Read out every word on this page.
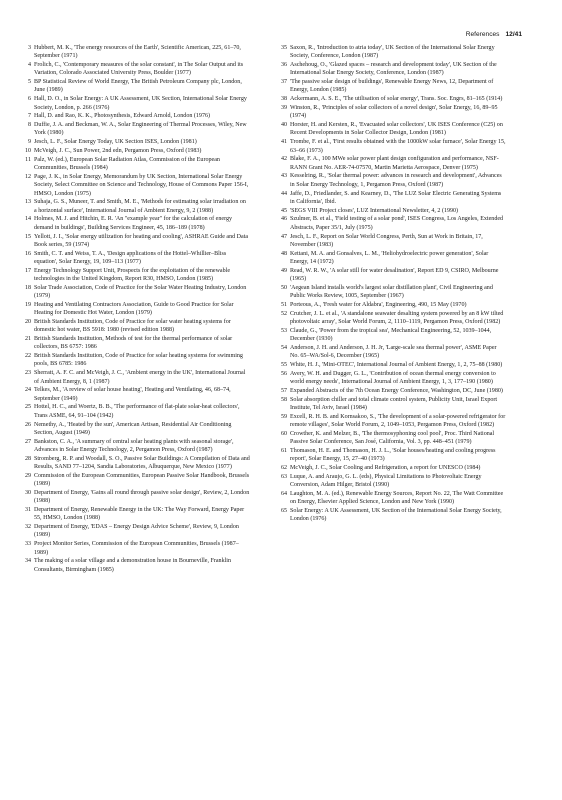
References 12/41
3 Hubbert, M. K., 'The energy resources of the Earth', Scientific American, 225, 61–70, September (1971)
4 Frolich, C., 'Contemporary measures of the solar constant', in The Solar Output and its Variation, Colorado Associated University Press, Boulder (1977)
5 BP Statistical Review of World Energy, The British Petroleum Company plc, London, June (1989)
6 Hall, D. O., in Solar Energy: A UK Assessment, UK Section, International Solar Energy Society, London, p. 266 (1976)
7 Hall, D. and Rao, K. K., Photosynthesis, Edward Arnold, London (1976)
8 Duffie, J. A. and Beckman, W. A., Solar Engineering of Thermal Processes, Wiley, New York (1980)
9 Jesch, L. F., Solar Energy Today, UK Section ISES, London (1981)
10 McVeigh, J. C., Sun Power, 2nd edn, Pergamon Press, Oxford (1983)
11 Palz, W. (ed.), European Solar Radiation Atlas, Commission of the European Communities, Brussels (1984)
12 Page, J. K., in Solar Energy, Memorandum by UK Section, International Solar Energy Society, Select Committee on Science and Technology, House of Commons Paper 156-I, HMSO, London (1975)
13 Suhaja, G. S., Muneer, T. and Smith, M. E., 'Methods for estimating solar irradiation on a horizontal surface', International Journal of Ambient Energy, 9, 2 (1988)
14 Holmes, M. J. and Hitchin, E. R. 'An "example year" for the calculation of energy demand in buildings', Building Services Engineer, 45, 186–189 (1978)
15 Yellott, J. I., 'Solar energy utilization for heating and cooling', ASHRAE Guide and Data Book series, 59 (1974)
16 Smith, C. T. and Weiss, T. A., 'Design applications of the Hottel–Whillier–Bliss equation', Solar Energy, 19, 109–113 (1977)
17 Energy Technology Support Unit, Prospects for the exploitation of the renewable technologies in the United Kingdom, Report R30, HMSO, London (1985)
18 Solar Trade Association, Code of Practice for the Solar Water Heating Industry, London (1979)
19 Heating and Ventilating Contractors Association, Guide to Good Practice for Solar Heating for Domestic Hot Water, London (1979)
20 British Standards Institution, Code of Practice for solar water heating systems for domestic hot water, BS 5918: 1980 (revised edition 1988)
21 British Standards Institution, Methods of test for the thermal performance of solar collectors, BS 6757: 1986
22 British Standards Institution, Code of Practice for solar heating systems for swimming pools, BS 6785: 1986
23 Sherratt, A. F. C. and McVeigh, J. C., 'Ambient energy in the UK', International Journal of Ambient Energy, 8, 1 (1987)
24 Telkes, M., 'A review of solar house heating', Heating and Ventilating, 46, 68–74, September (1949)
25 Hottel, H. C., and Woertz, B. B., 'The performance of flat-plate solar-heat collectors', Trans ASME, 64, 91–104 (1942)
26 Nemethy, A., 'Heated by the sun', American Artisan, Residential Air Conditioning Section, August (1949)
27 Bankston, C. A., 'A summary of central solar heating plants with seasonal storage', Advances in Solar Energy Technology, 2, Pergamon Press, Oxford (1987)
28 Stromberg, R. P. and Woodall, S. O., Passive Solar Buildings: A Compilation of Data and Results, SAND 77–1204, Sandia Laboratories, Albuquerque, New Mexico (1977)
29 Commission of the European Communities, European Passive Solar Handbook, Brussels (1989)
30 Department of Energy, 'Gains all round through passive solar design', Review, 2, London (1988)
31 Department of Energy, Renewable Energy in the UK: The Way Forward, Energy Paper 55, HMSO, London (1988)
32 Department of Energy, 'EDAS – Energy Design Advice Scheme', Review, 9, London (1989)
33 Project Monitor Series, Commission of the European Communities, Brussels (1987–1989)
34 The making of a solar village and a demonstration house in Bourneville, Franklin Consultants, Birmingham (1985)
35 Saxon, R., 'Introduction to atria today', UK Section of the International Solar Energy Society, Conference, London (1987)
36 Aschehoug, O., 'Glazed spaces – research and development today', UK Section of the International Solar Energy Society, Conference, London (1987)
37 'The passive solar design of buildings', Renewable Energy News, 12, Department of Energy, London (1985)
38 Ackermann, A. S. E., 'The utilisation of solar energy', Trans. Soc. Engrs, 81–165 (1914)
39 Winston, R., 'Principles of solar collectors of a novel design', Solar Energy, 16, 89–95 (1974)
40 Horster, H. and Kersten, R., 'Evacuated solar collectors', UK ISES Conference (C25) on Recent Developments in Solar Collector Design, London (1981)
41 Trombe, F. et al., 'First results obtained with the 1000kW solar furnace', Solar Energy 15, 63–66 (1973)
42 Blake, F. A., 100 MWe solar power plant design configuration and performance, NSF-RANN Grant No. AER-74-07570, Martin Marietta Aerospace, Denver (1975)
43 Kesselring, R., 'Solar thermal power: advances in research and development', Advances in Solar Energy Technology, 1, Pergamon Press, Oxford (1987)
44 Jaffe, D., Friedlander, S. and Kearney, D., 'The LUZ Solar Electric Generating Systems in California', Ibid.
45 'SEGS VIII Project closes', LUZ International Newsletter, 4, 2 (1990)
46 Szulmer, B. et al., 'Field testing of a solar pond', ISES Congress, Los Angeles, Extended Abstracts, Paper 35/1, July (1975)
47 Jesch, L. F., Report on Solar World Congress, Perth, Sun at Work in Britain, 17, November (1983)
48 Kettani, M. A. and Gonsalves, L. M., 'Heliohydroelectric power generation', Solar Energy, 14 (1972)
49 Read, W. R. W., 'A solar still for water desalination', Report ED 9, CSIRO, Melbourne (1965)
50 'Aegean Island installs world's largest solar distillation plant', Civil Engineering and Public Works Review, 1005, September (1967)
51 Porteous, A., 'Fresh water for Aldabra', Engineering, 490, 15 May (1970)
52 Crutcher, J. L. et al., 'A standalone seawater desalting system powered by an 8 kW tilted photovoltaic array', Solar World Forum, 2, 1110–1119, Pergamon Press, Oxford (1982)
53 Claude, G., 'Power from the tropical sea', Mechanical Engineering, 52, 1039–1044, December (1930)
54 Anderson, J. H. and Anderson, J. H. Jr, 'Large-scale sea thermal power', ASME Paper No. 65–WA/Sol-6, December (1965)
55 White, H. J., 'Mini-OTEC', International Journal of Ambient Energy, 1, 2, 75–88 (1980)
56 Avery, W. H. and Dugger, G. L., 'Contribution of ocean thermal energy conversion to world energy needs', International Journal of Ambient Energy, 1, 3, 177–190 (1980)
57 Expanded Abstracts of the 7th Ocean Energy Conference, Washington, DC, June (1980)
58 Solar absorption chiller and total climate control system, Publicity Unit, Israel Export Institute, Tel Aviv, Israel (1984)
59 Excell, R. H. B. and Kornsakoo, S., 'The development of a solar-powered refrigerator for remote villages', Solar World Forum, 2, 1049–1053, Pergamon Press, Oxford (1982)
60 Crowther, K. and Melzer, B., 'The thermosyphoning cool pool', Proc. Third National Passive Solar Conference, San José, California, Vol. 3, pp. 448–451 (1979)
61 Thomason, H. E. and Thomason, H. J. L., 'Solar houses/heating and cooling progress report', Solar Energy, 15, 27–40 (1973)
62 McVeigh, J. C., Solar Cooling and Refrigeration, a report for UNESCO (1984)
63 Luque, A. and Araujo, G. L. (eds), Physical Limitations to Photovoltaic Energy Conversion, Adam Hilger, Bristol (1990)
64 Laughton, M. A. (ed.), Renewable Energy Sources, Report No. 22, The Watt Committee on Energy, Elsevier Applied Science, London and New York (1990)
65 Solar Energy: A UK Assessment, UK Section of the International Solar Energy Society, London (1976)
